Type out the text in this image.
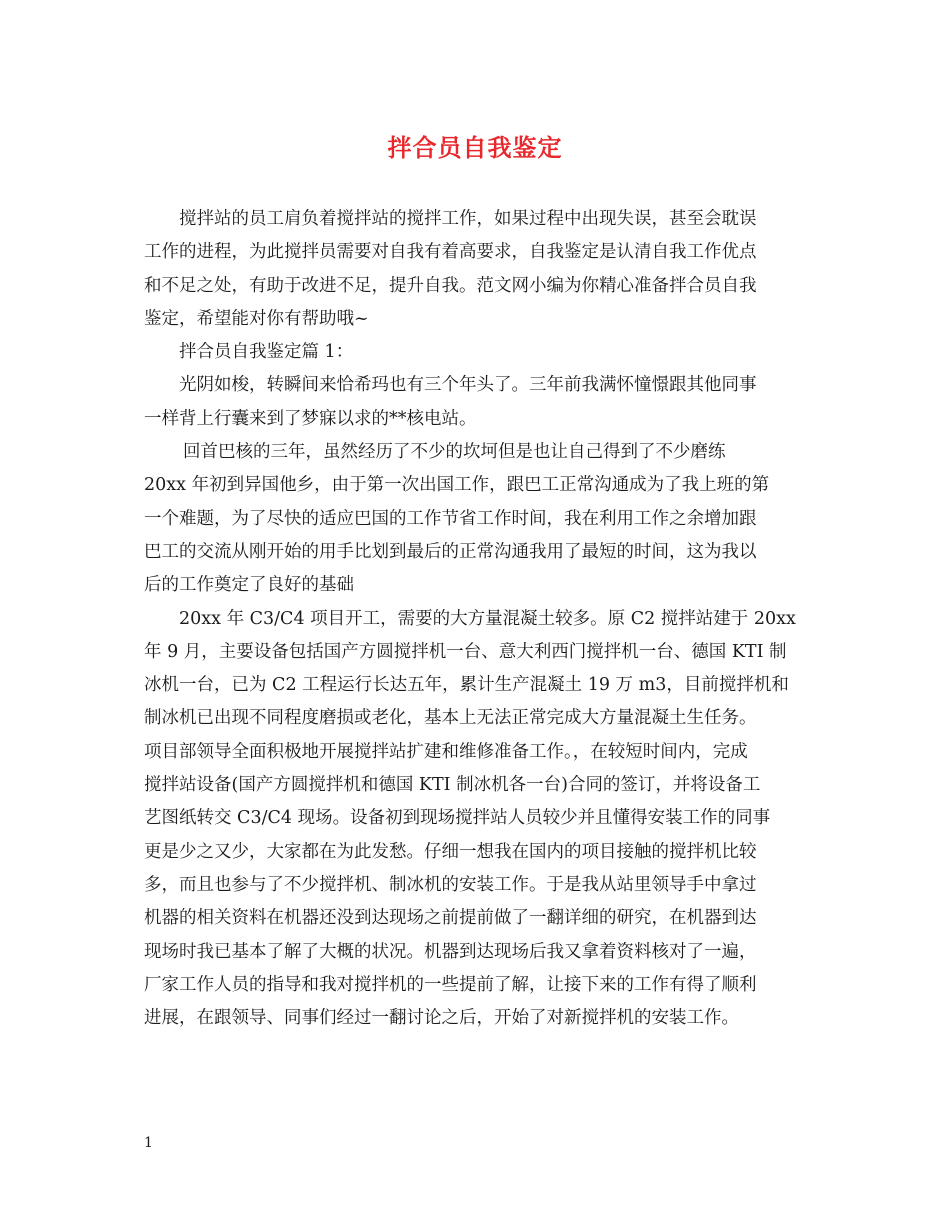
拌合员自我鉴定
搅拌站的员工肩负着搅拌站的搅拌工作，如果过程中出现失误，甚至会耽误
工作的进程，为此搅拌员需要对自我有着高要求，自我鉴定是认清自我工作优点
和不足之处，有助于改进不足，提升自我。范文网小编为你精心准备拌合员自我
鉴定，希望能对你有帮助哦~
拌合员自我鉴定篇 1：
光阴如梭，转瞬间来恰希玛也有三个年头了。三年前我满怀憧憬跟其他同事
一样背上行囊来到了梦寐以求的**核电站。
回首巴核的三年，虽然经历了不少的坎坷但是也让自己得到了不少磨练
20xx 年初到异国他乡，由于第一次出国工作，跟巴工正常沟通成为了我上班的第
一个难题，为了尽快的适应巴国的工作节省工作时间，我在利用工作之余增加跟
巴工的交流从刚开始的用手比划到最后的正常沟通我用了最短的时间，这为我以
后的工作奠定了良好的基础
20xx 年 C3/C4 项目开工，需要的大方量混凝土较多。原 C2 搅拌站建于 20xx
年 9 月，主要设备包括国产方圆搅拌机一台、意大利西门搅拌机一台、德国 KTI 制
冰机一台，已为 C2 工程运行长达五年，累计生产混凝土 19 万 m3，目前搅拌机和
制冰机已出现不同程度磨损或老化，基本上无法正常完成大方量混凝土生任务。
项目部领导全面积极地开展搅拌站扩建和维修准备工作。，在较短时间内，完成
搅拌站设备(国产方圆搅拌机和德国 KTI 制冰机各一台)合同的签订，并将设备工
艺图纸转交 C3/C4 现场。设备初到现场搅拌站人员较少并且懂得安装工作的同事
更是少之又少，大家都在为此发愁。仔细一想我在国内的项目接触的搅拌机比较
多，而且也参与了不少搅拌机、制冰机的安装工作。于是我从站里领导手中拿过
机器的相关资料在机器还没到达现场之前提前做了一翻详细的研究，在机器到达
现场时我已基本了解了大概的状况。机器到达现场后我又拿着资料核对了一遍，
厂家工作人员的指导和我对搅拌机的一些提前了解，让接下来的工作有得了顺利
进展，在跟领导、同事们经过一翻讨论之后，开始了对新搅拌机的安装工作。
1
